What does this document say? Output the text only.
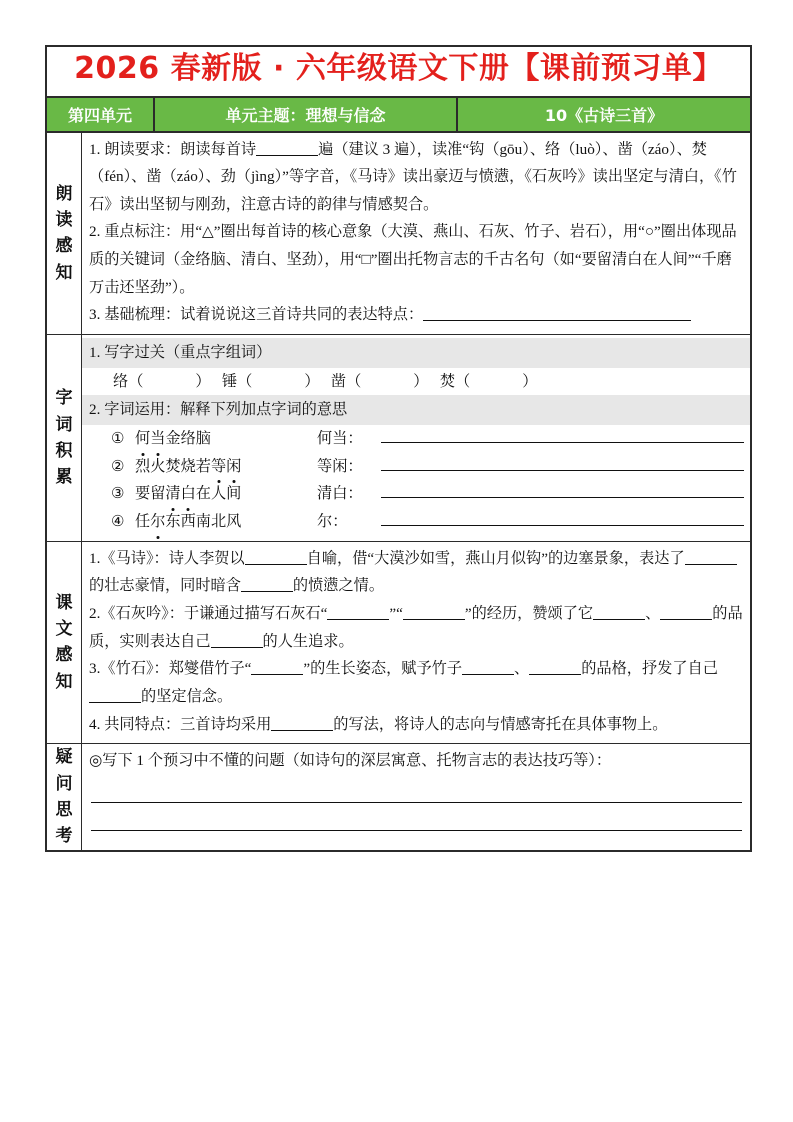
2026 春新版 · 六年级语文下册【课前预习单】
第四单元	单元主题：理想与信念	10《古诗三首》
朗
读
感
知
1. 朗读要求：朗读每首诗	遍（建议 3 遍），读准“钩（gōu）、络（luò）、凿（záo）、焚（fén）、凿（záo）、劲（jìng）”等字音，《马诗》读出豪迈与愤懑，《石灰吟》读出坚定与清白，《竹石》读出坚韧与刚劲，注意古诗的韵律与情感契合。
2. 重点标注：用“△”圈出每首诗的核心意象（大漠、燕山、石灰、竹子、岩石），用“○”圈出体现品质的关键词（金络脑、清白、坚劲），用“□”圈出托物言志的千古名句（如“要留清白在人间”“千磨万击还坚劲”）。
3. 基础梳理：试着说说这三首诗共同的表达特点：
字
词
积
累
1. 写字过关（重点字组词）
络（	） 锤（	） 凿（	） 焚（	）
2. 字词运用：解释下列加点字词的意思
① 何当金络脑	何当：
② 烈火焚烧若等闲	等闲：
③ 要留清白在人间	清白：
④ 任尔东西南北风	尔：
课
文
感
知
1.《马诗》：诗人李贺以	自喻，借“大漠沙如雪，燕山月似钩”的边塞景象，表达了的壮志豪情，同时暗含	的愤懑之情。
2.《石灰吟》：于谦通过描写石灰石“	”“	”的经历，赞颂了它	、	的品质，实则表达自己	的人生追求。
3.《竹石》：郑燮借竹子“	”的生长姿态，赋予竹子	、	的品格，抒发了自己的坚定信念。
4. 共同特点：三首诗均采用	的写法，将诗人的志向与情感寄托在具体事物上。
疑
问
思
考
◎写下 1 个预习中不懂的问题（如诗句的深层寓意、托物言志的表达技巧等）：
